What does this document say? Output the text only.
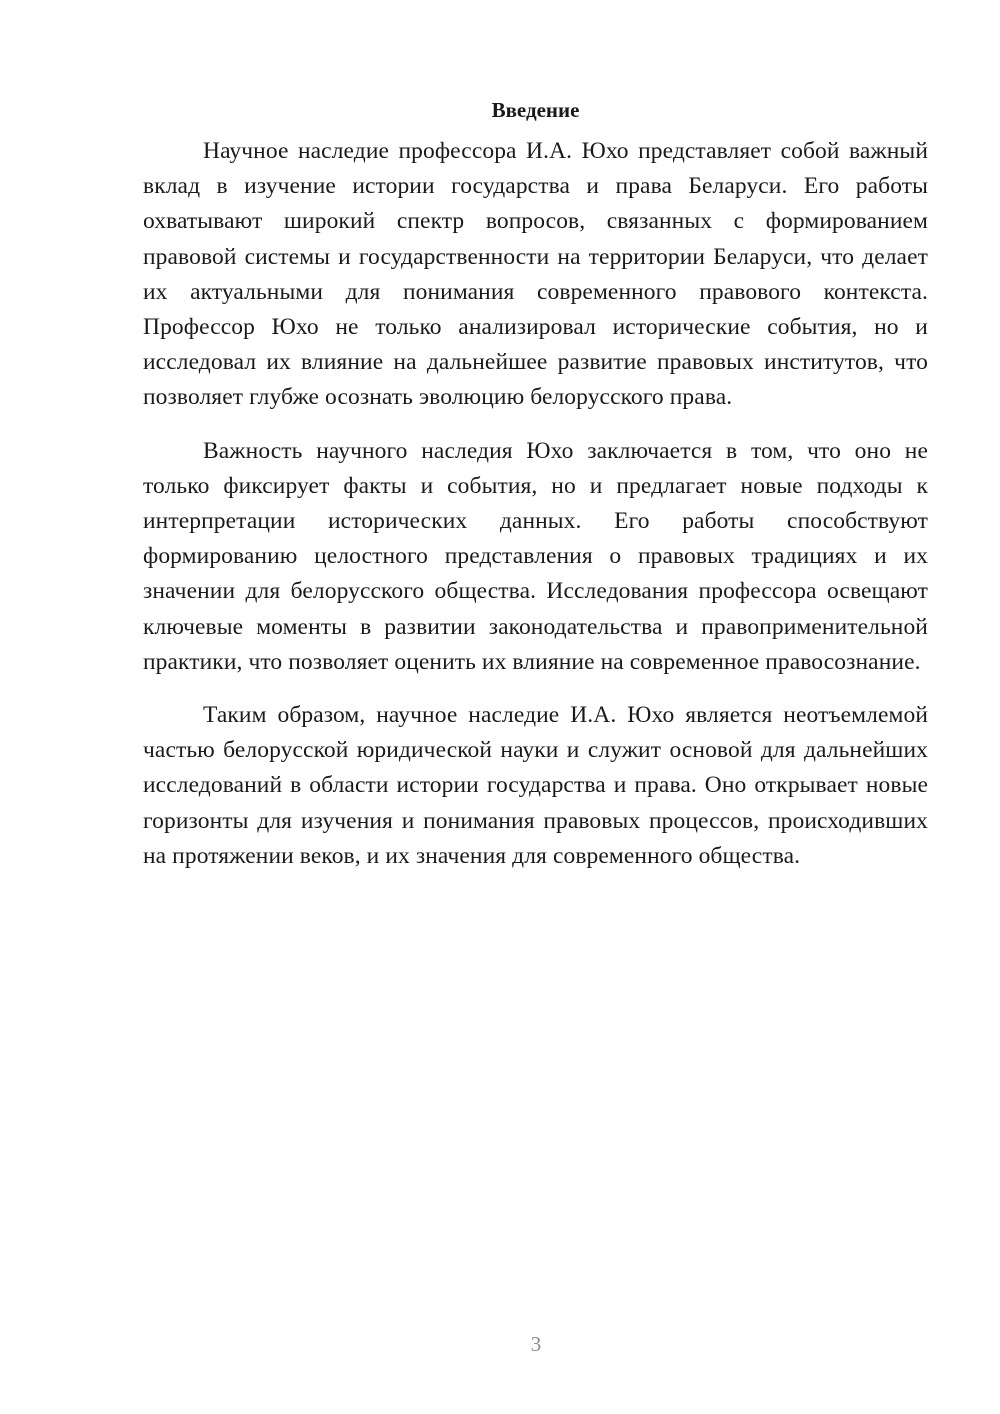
Введение

Научное наследие профессора И.А. Юхо представляет собой важный вклад в изучение истории государства и права Беларуси. Его работы охватывают широкий спектр вопросов, связанных с формированием правовой системы и государственности на территории Беларуси, что делает их актуальными для понимания современного правового контекста. Профессор Юхо не только анализировал исторические события, но и исследовал их влияние на дальнейшее развитие правовых институтов, что позволяет глубже осознать эволюцию белорусского права.

Важность научного наследия Юхо заключается в том, что оно не только фиксирует факты и события, но и предлагает новые подходы к интерпретации исторических данных. Его работы способствуют формированию целостного представления о правовых традициях и их значении для белорусского общества. Исследования профессора освещают ключевые моменты в развитии законодательства и правоприменительной практики, что позволяет оценить их влияние на современное правосознание.

Таким образом, научное наследие И.А. Юхо является неотъемлемой частью белорусской юридической науки и служит основой для дальнейших исследований в области истории государства и права. Оно открывает новые горизонты для изучения и понимания правовых процессов, происходивших на протяжении веков, и их значения для современного общества.

3
